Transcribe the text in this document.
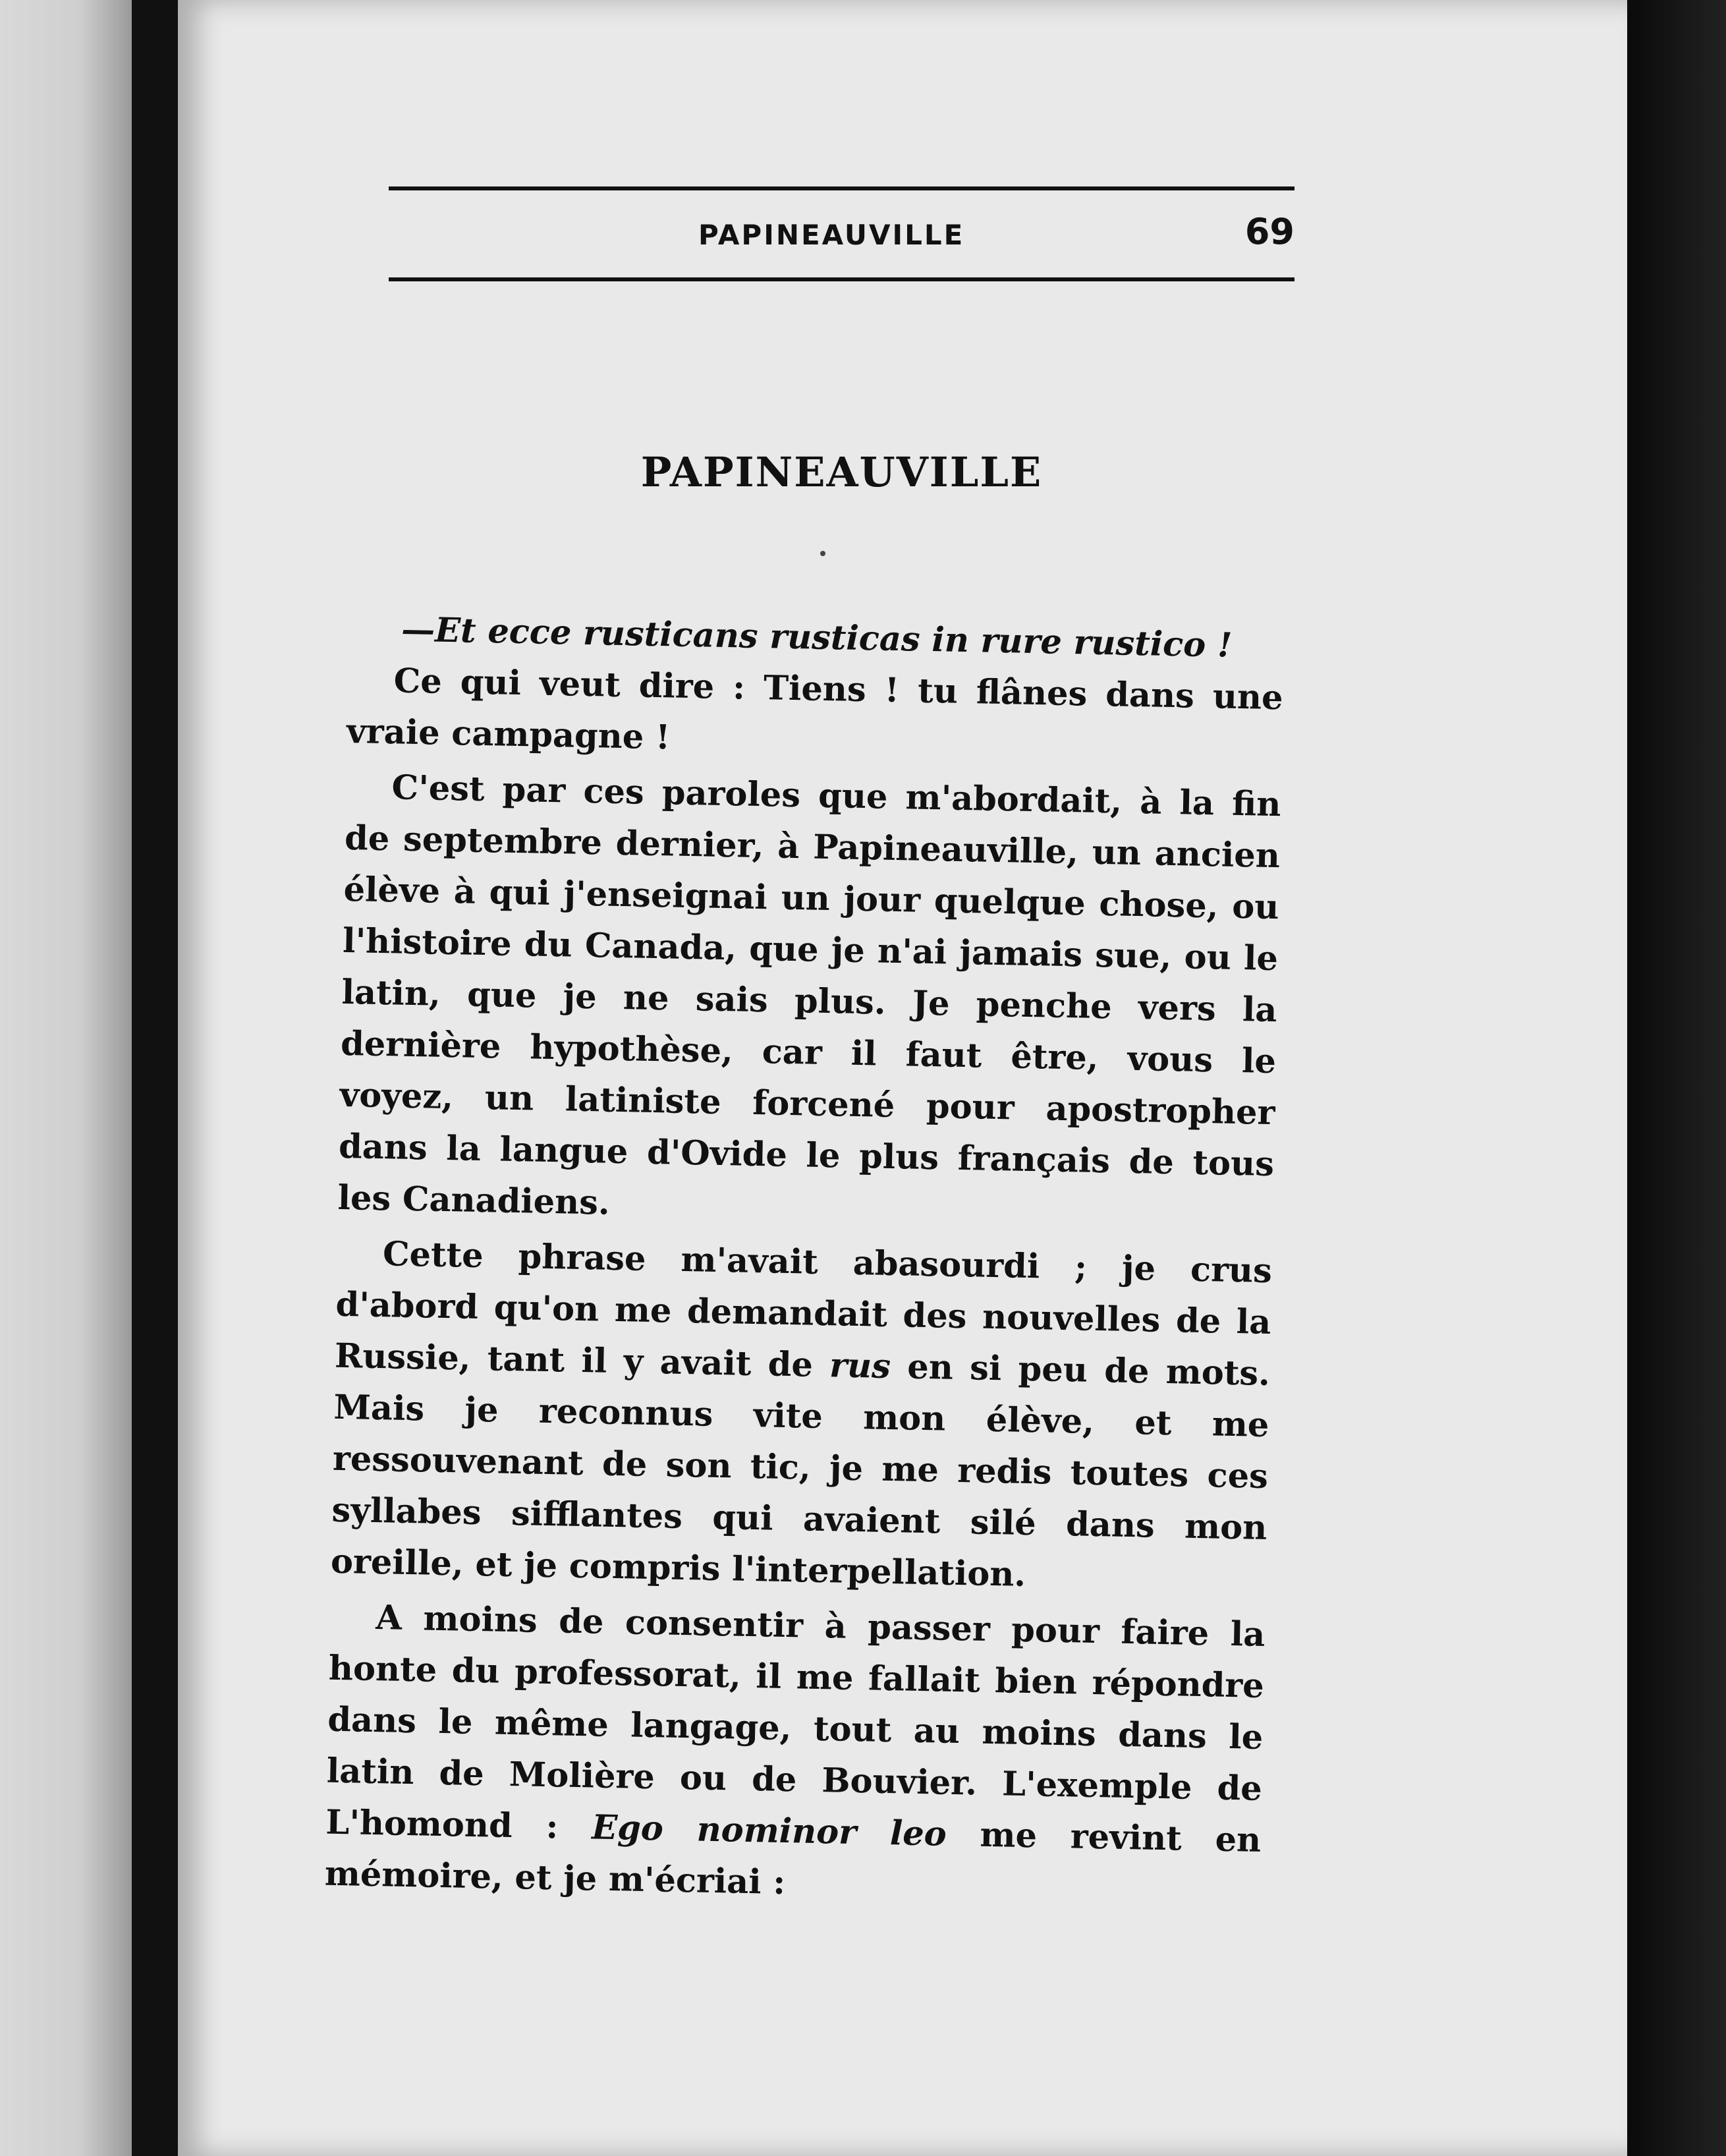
PAPINEAUVILLE	69
PAPINEAUVILLE

—Et ecce rusticans rusticas in rure rustico !

Ce qui veut dire : Tiens ! tu flânes dans une vraie campagne !

C'est par ces paroles que m'abordait, à la fin de septembre dernier, à Papineauville, un ancien élève à qui j'enseignai un jour quelque chose, ou l'histoire du Canada, que je n'ai jamais sue, ou le latin, que je ne sais plus. Je penche vers la dernière hypothèse, car il faut être, vous le voyez, un latiniste forcené pour apostropher dans la langue d'Ovide le plus français de tous les Canadiens.

Cette phrase m'avait abasourdi ; je crus d'abord qu'on me demandait des nouvelles de la Russie, tant il y avait de rus en si peu de mots. Mais je reconnus vite mon élève, et me ressouvenant de son tic, je me redis toutes ces syllabes sifflantes qui avaient silé dans mon oreille, et je compris l'interpellation.

A moins de consentir à passer pour faire la honte du professorat, il me fallait bien répondre dans le même langage, tout au moins dans le latin de Molière ou de Bouvier. L'exemple de L'homond : Ego nominor leo me revint en mémoire, et je m'écriai :
